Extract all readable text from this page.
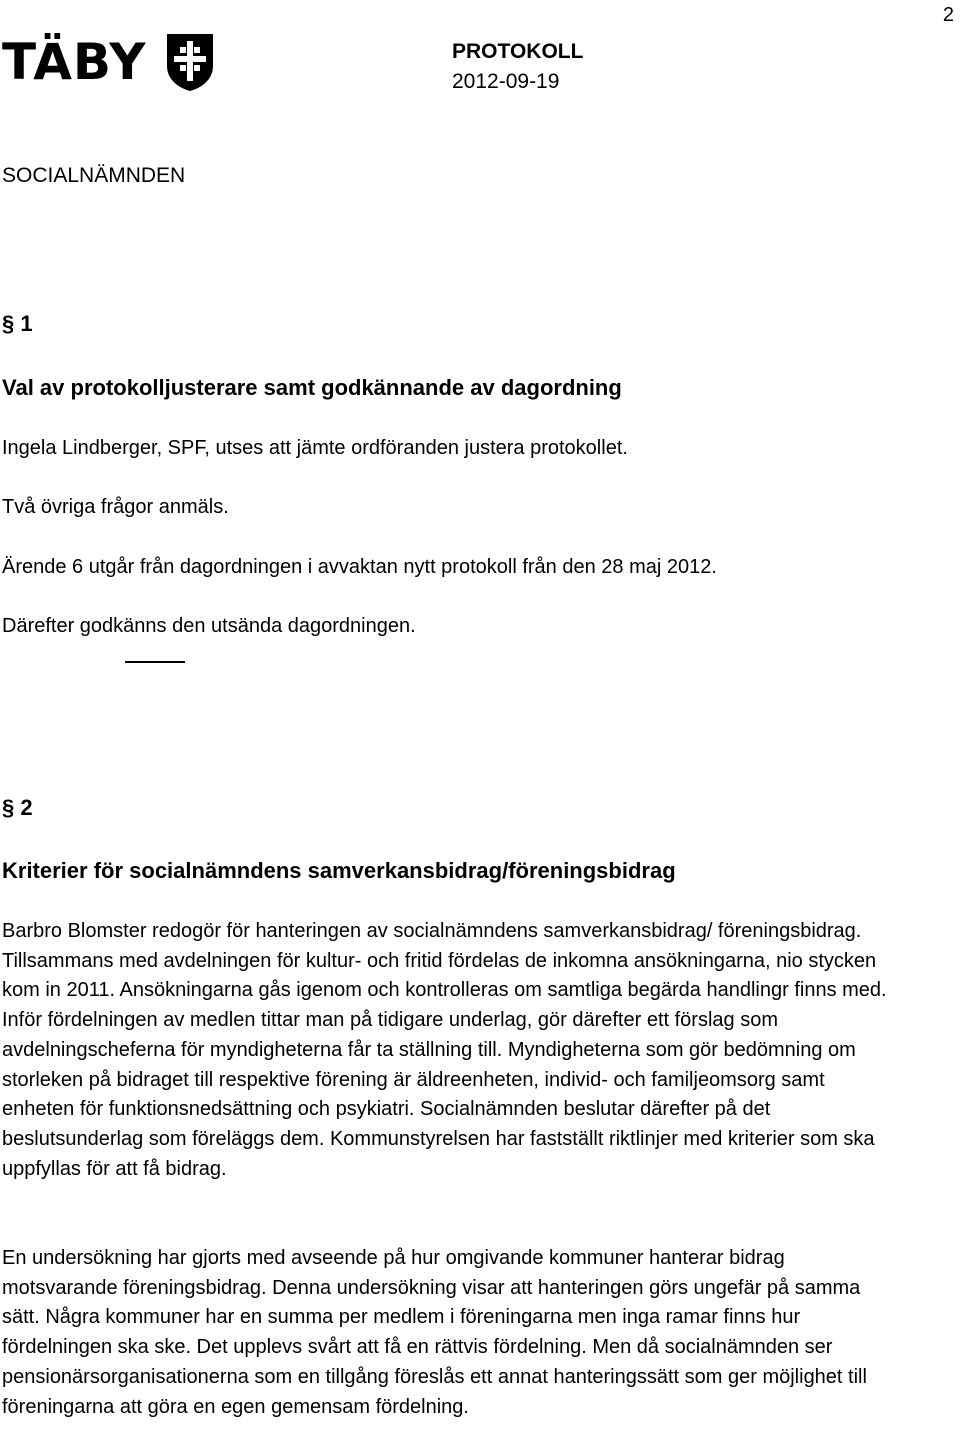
2
TÄBY	PROTOKOLL
2012-09-19
SOCIALNÄMNDEN
§ 1
Val av protokolljusterare samt godkännande av dagordning

Ingela Lindberger, SPF, utses att jämte ordföranden justera protokollet.

Två övriga frågor anmäls.

Ärende 6 utgår från dagordningen i avvaktan nytt protokoll från den 28 maj 2012.

Därefter godkänns den utsända dagordningen.

§ 2
Kriterier för socialnämndens samverkansbidrag/föreningsbidrag

Barbro Blomster redogör för hanteringen av socialnämndens samverkansbidrag/ föreningsbidrag. Tillsammans med avdelningen för kultur- och fritid fördelas de inkomna ansökningarna, nio stycken kom in 2011. Ansökningarna gås igenom och kontrolleras om samtliga begärda handlingr finns med. Inför fördelningen av medlen tittar man på tidigare underlag, gör därefter ett förslag som avdelningscheferna för myndigheterna får ta ställning till. Myndigheterna som gör bedömning om storleken på bidraget till respektive förening är äldreenheten, individ- och familjeomsorg samt enheten för funktionsnedsättning och psykiatri. Socialnämnden beslutar därefter på det beslutsunderlag som föreläggs dem. Kommunstyrelsen har fastställt riktlinjer med kriterier som ska uppfyllas för att få bidrag.

En undersökning har gjorts med avseende på hur omgivande kommuner hanterar bidrag motsvarande föreningsbidrag. Denna undersökning visar att hanteringen görs ungefär på samma sätt. Några kommuner har en summa per medlem i föreningarna men inga ramar finns hur fördelningen ska ske. Det upplevs svårt att få en rättvis fördelning. Men då socialnämnden ser pensionärsorganisationerna som en tillgång föreslås ett annat hanteringssätt som ger möjlighet till föreningarna att göra en egen gemensam fördelning.
